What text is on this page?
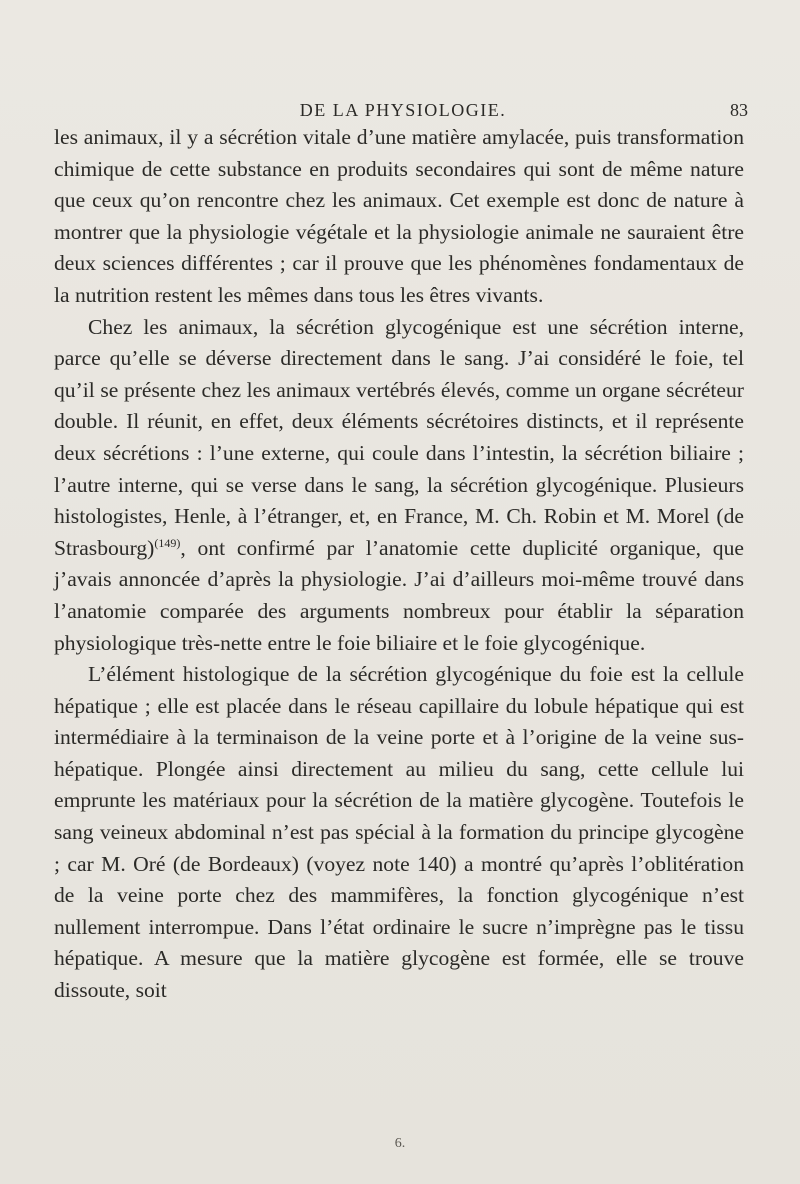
DE LA PHYSIOLOGIE.	83

les animaux, il y a sécrétion vitale d’une matière amylacée, puis transformation chimique de cette substance en produits secondaires qui sont de même nature que ceux qu’on rencontre chez les animaux. Cet exemple est donc de nature à montrer que la physiologie végétale et la physiologie animale ne sauraient être deux sciences différentes ; car il prouve que les phénomènes fondamentaux de la nutrition restent les mêmes dans tous les êtres vivants.

Chez les animaux, la sécrétion glycogénique est une sécrétion interne, parce qu’elle se déverse directement dans le sang. J’ai considéré le foie, tel qu’il se présente chez les animaux vertébrés élevés, comme un organe sécréteur double. Il réunit, en effet, deux éléments sécrétoires distincts, et il représente deux sécrétions : l’une externe, qui coule dans l’intestin, la sécrétion biliaire ; l’autre interne, qui se verse dans le sang, la sécrétion glycogénique. Plusieurs histologistes, Henle, à l’étranger, et, en France, M. Ch. Robin et M. Morel (de Strasbourg)$^{(149)}$, ont confirmé par l’anatomie cette duplicité organique, que j’avais annoncée d’après la physiologie. J’ai d’ailleurs moi-même trouvé dans l’anatomie comparée des arguments nombreux pour établir la séparation physiologique très-nette entre le foie biliaire et le foie glycogénique.

L’élément histologique de la sécrétion glycogénique du foie est la cellule hépatique ; elle est placée dans le réseau capillaire du lobule hépatique qui est intermédiaire à la terminaison de la veine porte et à l’origine de la veine sus-hépatique. Plongée ainsi directement au milieu du sang, cette cellule lui emprunte les matériaux pour la sécrétion de la matière glycogène. Toutefois le sang veineux abdominal n’est pas spécial à la formation du principe glycogène ; car M. Oré (de Bordeaux) (voyez note 140) a montré qu’après l’oblitération de la veine porte chez des mammifères, la fonction glycogénique n’est nullement interrompue. Dans l’état ordinaire le sucre n’imprègne pas le tissu hépatique. A mesure que la matière glycogène est formée, elle se trouve dissoute, soit

6.
